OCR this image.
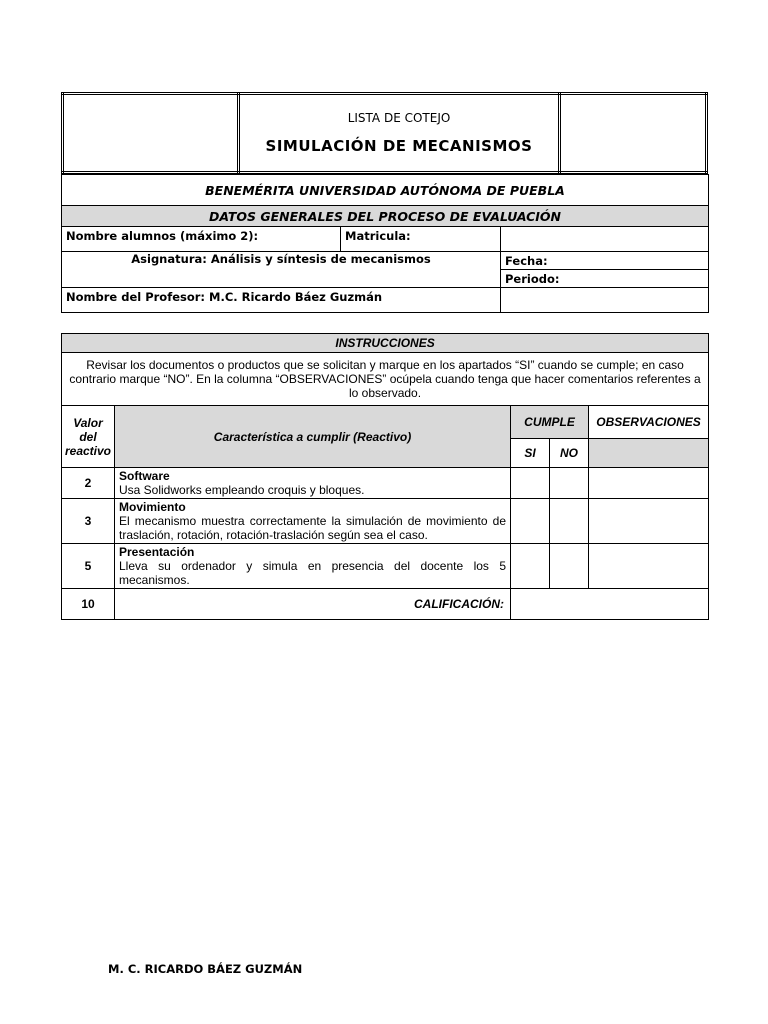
LISTA DE COTEJO
SIMULACIÓN DE MECANISMOS

BENEMÉRITA UNIVERSIDAD AUTÓNOMA DE PUEBLA		
DATOS GENERALES DEL PROCESO DE EVALUACIÓN		
Nombre alumnos (máximo 2):	Matricula:	
Asignatura: Análisis y síntesis de mecanismos		Fecha:
		Periodo:
Nombre del Profesor: M.C. Ricardo Báez Guzmán		
INSTRUCCIONES				
Revisar los documentos o productos que se solicitan y marque en los apartados “SI” cuando se cumple; en caso contrario marque “NO”. En la columna “OBSERVACIONES” ocúpela cuando tenga que hacer comentarios referentes a lo observado.				
Valor del reactivo	Característica a cumplir (Reactivo)	CUMPLE		OBSERVACIONES
		SI	NO	
2	Software
Usa Solidworks empleando croquis y bloques.			

3	Movimiento
El mecanismo muestra correctamente la simulación de movimiento de traslación, rotación, rotación-traslación según sea el caso.			

5	Presentación
Lleva su ordenador y simula en presencia del docente los 5 mecanismos.			

10	CALIFICACIÓN:			
M. C. RICARDO BÁEZ GUZMÁN
